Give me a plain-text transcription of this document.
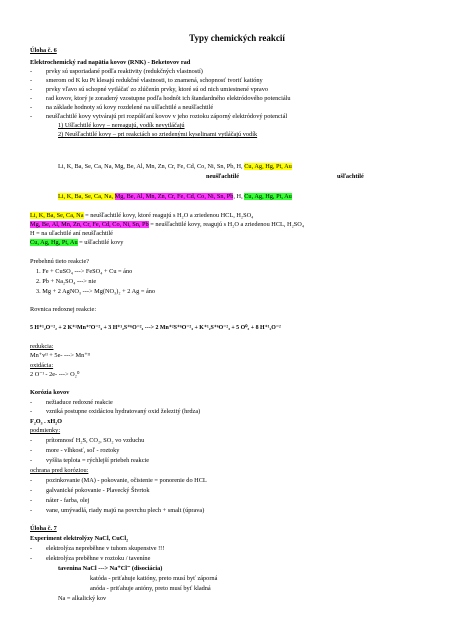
Typy chemických reakcií
Úloha č. 6
Elektrochemický rad napätia kovov (RNK) - Beketovov rad
- prvky sú usporiadané podľa reaktivity (redukčných vlastností)
- smerom od K ku Pt klesajú redukčné vlastnosti, to znamená, schopnosť tvoriť katióny
- prvky vľavo sú schopné vytláčať zo zlúčenín prvky, ktoré sú od nich umiestnené vpravo
- rad kovov, ktorý je zoradený vzostupne podľa hodnôt ich štandardného elektródového potenciálu
- na základe hodnoty sú kovy rozdelené na ušľachtilé a neušľachtilé
- neušľachtilé kovy vytvárajú pri rozpúšťaní kovov v jeho roztoku záporný elektródový potenciál
1) Ušľachtilé kovy – nereagujú, vodík nevytláčajú
2) Neušľachtilé kovy – pri reakciách so zriedenými kyselinami vytláčajú vodík
Li, K, Ba, Se, Ca, Na, Mg, Be, Al, Mn, Zn, Cr, Fe, Cd, Co, Ni, Sn, Pb, H, Cu, Ag, Hg, Pt, Au
neušľachtilé	ušľachtilé
Li, K, Ba, Se, Ca, Na, Mg, Be, Al, Mn, Zn, Cr, Fe, Cd, Co, Ni, Sn, Pb, H, Cu, Ag, Hg, Pt, Au
Li, K, Ba, Se, Ca, Na = neušľachtilé kovy, ktoré reagujú s H₂O a zriedenou HCL, H₂SO₄
Mg, Be, Al, Mn, Zn, Cr, Fe, Cd, Co, Ni, Sn, Pb = neušľachtilé kovy, reagujú s H₂O a zriedenou HCL, H₂SO₄
H = na uľachtilé aní neušľachtilé
Cu, Ag, Hg, Pt, Au = ušľachtilé kovy
Prebehnú tieto reakcie?
1. Fe + CuSO₄ ---> FeSO₄ + Cu = áno
2. Pb + Na₂SO₄ ---> nie
3. Mg + 2 AgNO₃ ---> Mg(NO₃)₂ + 2 Ag = áno
Rovnica redoxnej reakcie:
5 H⁺¹₂O⁻²₂ + 2 K⁺¹Mn⁺⁷O⁻²₄ + 3 H⁺¹₂S⁺⁶O⁻²₄ ---> 2 Mn⁺²S⁺⁶O⁻²₄ + K⁺¹₂S⁺⁶O⁻²₄ + 5 O⁰₂ + 8 H⁺¹₂O⁻²
redukcia:
Mn⁺ᴠᴵᴵ + 5e- ---> Mn⁺ᴵᴵ
oxidácia:
2 O⁻ᴵ - 2e- ---> O₂⁰
Korózia kovov
- nežiaduce redoxné reakcie
- vzniká postupne oxidáciou hydratovaný oxid železitý (hrdza)
F₂O₃ . xH₂O
podmienky:
- prítomnosť H₂S, CO₂, SO₂ vo vzduchu
- more - vlhkosť, soľ - roztoky
- vyššia teplota = rýchlejší priebeh reakcie
ochrana pred koróziou:
- pozinkovanie (MA) - pokovanie, očistenie = ponorenie do HCL
- galvanické pokovanie - Plavecký Štvrtok
- náter - farba, olej
- vane, umývadlá, riady majú na povrchu plech + smalt (úprava)
Úloha č. 7
Experiment elektrolýzy NaCl, CuCl₂
- elektrolýza nepreběhne v tuhom skupenstve !!!
- elektrolýza preběhne v roztoku / taveníne
tavenina NaCl ---> Na⁺Cl⁻ (disociácia)
katóda - priťahuje katióny, preto musí byť záporná
anóda - priťahuje anióny, preto musí byť kladná
Na = alkalický kov
